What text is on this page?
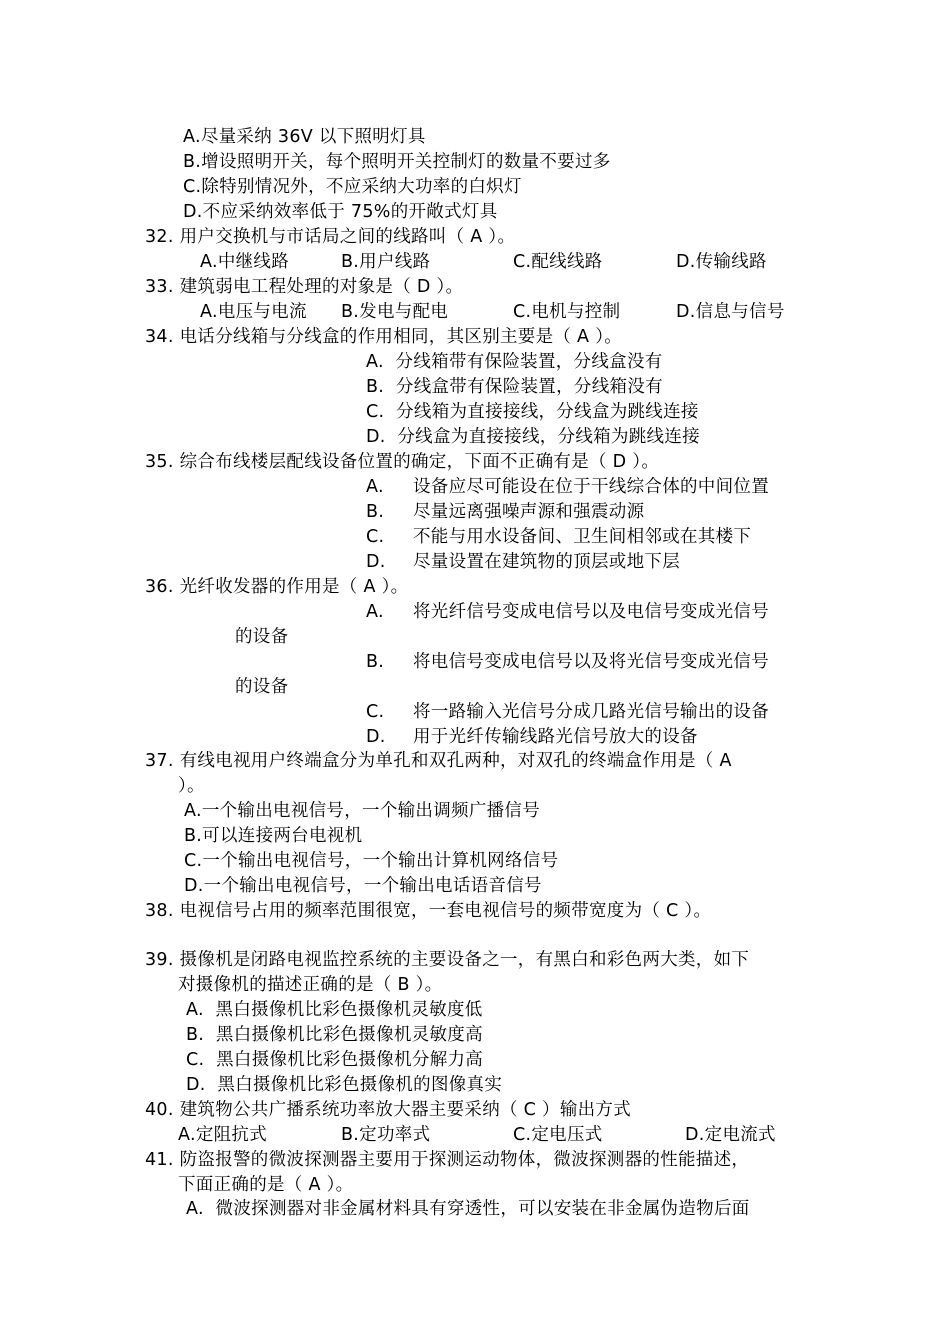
A.尽量采纳 36V 以下照明灯具
B.增设照明开关，每个照明开关控制灯的数量不要过多
C.除特别情况外，不应采纳大功率的白炽灯
D.不应采纳效率低于 75%的开敞式灯具
32. 用户交换机与市话局之间的线路叫（ A ）。
A.中继线路	B.用户线路	C.配线线路	D.传输线路
33. 建筑弱电工程处理的对象是（ D ）。
A.电压与电流 B.发电与配电	C.电机与控制	D.信息与信号
34. 电话分线箱与分线盒的作用相同，其区别主要是（ A ）。
A.  分线箱带有保险装置，分线盒没有
B.  分线盒带有保险装置，分线箱没有
C.  分线箱为直接接线，分线盒为跳线连接
D.  分线盒为直接接线，分线箱为跳线连接
35. 综合布线楼层配线设备位置的确定，下面不正确有是（ D ）。
A. 设备应尽可能设在位于干线综合体的中间位置
B. 尽量远离强噪声源和强震动源
C. 不能与用水设备间、卫生间相邻或在其楼下
D. 尽量设置在建筑物的顶层或地下层
36. 光纤收发器的作用是（ A ）。
A. 将光纤信号变成电信号以及电信号变成光信号
的设备
B. 将电信号变成电信号以及将光信号变成光信号
的设备
C. 将一路输入光信号分成几路光信号输出的设备
D. 用于光纤传输线路光信号放大的设备
37. 有线电视用户终端盒分为单孔和双孔两种，对双孔的终端盒作用是（ A
）。
A.一个输出电视信号，一个输出调频广播信号
B.可以连接两台电视机
C.一个输出电视信号，一个输出计算机网络信号
D.一个输出电视信号，一个输出电话语音信号
38. 电视信号占用的频率范围很宽，一套电视信号的频带宽度为（ C ）。
39. 摄像机是闭路电视监控系统的主要设备之一，有黑白和彩色两大类，如下
对摄像机的描述正确的是（ B ）。
A.  黑白摄像机比彩色摄像机灵敏度低
B.  黑白摄像机比彩色摄像机灵敏度高
C.  黑白摄像机比彩色摄像机分解力高
D.  黑白摄像机比彩色摄像机的图像真实
40. 建筑物公共广播系统功率放大器主要采纳（ C ）输出方式
A.定阻抗式	B.定功率式	C.定电压式	D.定电流式
41. 防盗报警的微波探测器主要用于探测运动物体，微波探测器的性能描述，
下面正确的是（ A ）。
A.  微波探测器对非金属材料具有穿透性，可以安装在非金属伪造物后面
